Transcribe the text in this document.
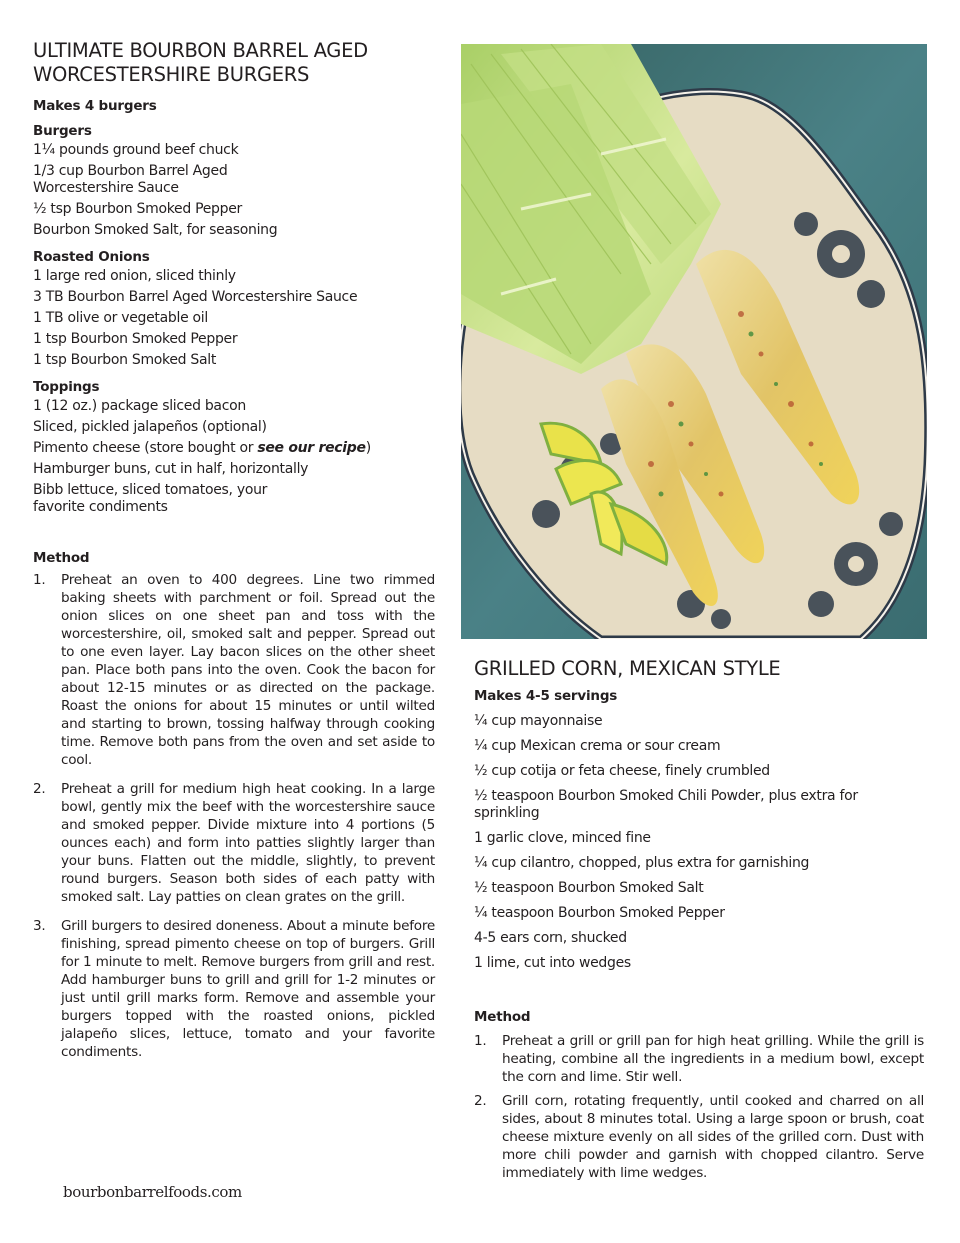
ULTIMATE BOURBON BARREL AGED
WORCESTERSHIRE BURGERS
Makes 4 burgers
Burgers
1¼ pounds ground beef chuck
1/3 cup Bourbon Barrel Aged Worcestershire Sauce
½ tsp Bourbon Smoked Pepper
Bourbon Smoked Salt, for seasoning
Roasted Onions
1 large red onion, sliced thinly
3 TB Bourbon Barrel Aged Worcestershire Sauce
1 TB olive or vegetable oil
1 tsp Bourbon Smoked Pepper
1 tsp Bourbon Smoked Salt
Toppings
1 (12 oz.) package sliced bacon
Sliced, pickled jalapeños (optional)
Pimento cheese (store bought or see our recipe)
Hamburger buns, cut in half, horizontally
Bibb lettuce, sliced tomatoes, your favorite condiments
Method
1. Preheat an oven to 400 degrees. Line two rimmed baking sheets with parchment or foil. Spread out the onion slices on one sheet pan and toss with the worcestershire, oil, smoked salt and pepper. Spread out to one even layer. Lay bacon slices on the other sheet pan. Place both pans into the oven. Cook the bacon for about 12-15 minutes or as directed on the package. Roast the onions for about 15 minutes or until wilted and starting to brown, tossing halfway through cooking time. Remove both pans from the oven and set aside to cool.
2. Preheat a grill for medium high heat cooking. In a large bowl, gently mix the beef with the worcestershire sauce and smoked pepper. Divide mixture into 4 portions (5 ounces each) and form into patties slightly larger than your buns. Flatten out the middle, slightly, to prevent round burgers. Season both sides of each patty with smoked salt. Lay patties on clean grates on the grill.
3. Grill burgers to desired doneness. About a minute before finishing, spread pimento cheese on top of burgers. Grill for 1 minute to melt. Remove burgers from grill and rest. Add hamburger buns to grill and grill for 1-2 minutes or just until grill marks form. Remove and assemble your burgers topped with the roasted onions, pickled jalapeño slices, lettuce, tomato and your favorite condiments.
bourbonbarrelfoods.com
GRILLED CORN, MEXICAN STYLE
Makes 4-5 servings
¼ cup mayonnaise
¼ cup Mexican crema or sour cream
½ cup cotija or feta cheese, finely crumbled
½ teaspoon Bourbon Smoked Chili Powder, plus extra for sprinkling
1 garlic clove, minced fine
¼ cup cilantro, chopped, plus extra for garnishing
½ teaspoon Bourbon Smoked Salt
¼ teaspoon Bourbon Smoked Pepper
4-5 ears corn, shucked
1 lime, cut into wedges
Method
1. Preheat a grill or grill pan for high heat grilling. While the grill is heating, combine all the ingredients in a medium bowl, except the corn and lime. Stir well.
2. Grill corn, rotating frequently, until cooked and charred on all sides, about 8 minutes total. Using a large spoon or brush, coat cheese mixture evenly on all sides of the grilled corn. Dust with more chili powder and garnish with chopped cilantro. Serve immediately with lime wedges.
